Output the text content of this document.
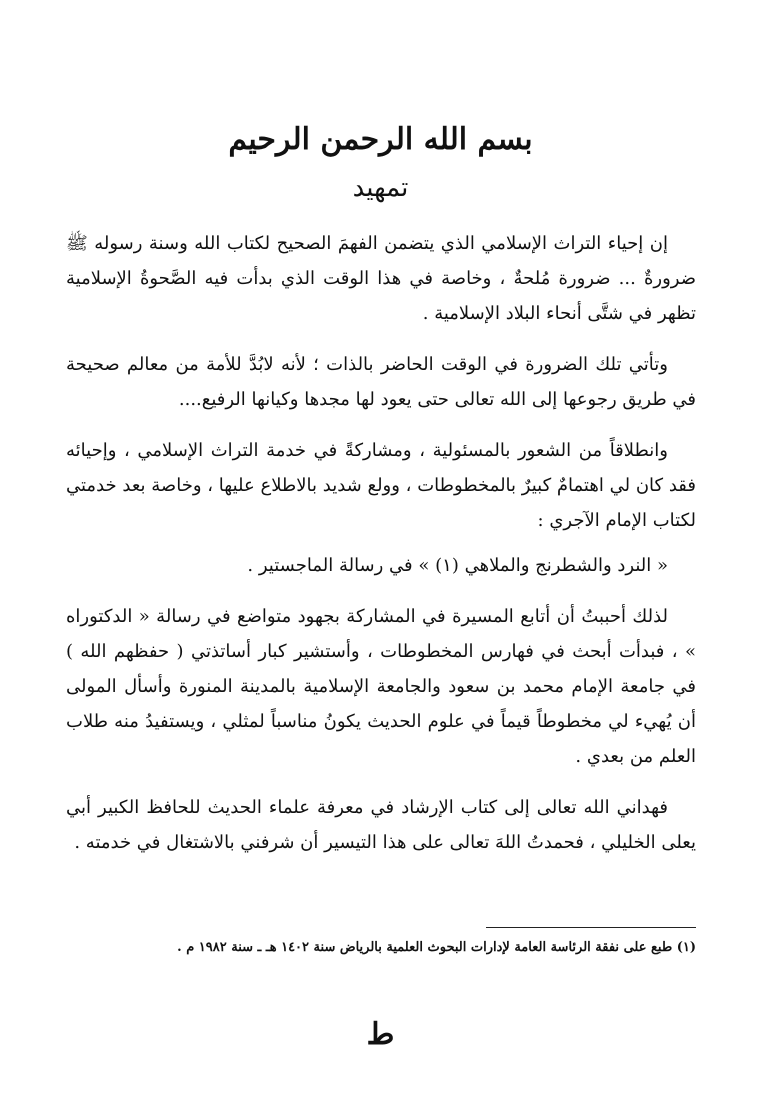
بسم الله الرحمن الرحيم
تمهيد

إن إحياء التراث الإسلامي الذي يتضمن الفهمَ الصحيح لكتاب الله وسنة رسوله ﷺ ضرورةٌ ... ضرورة مُلحةٌ ، وخاصة في هذا الوقت الذي بدأت فيه الصَّحوةُ الإسلامية تظهر في شتَّى أنحاء البلاد الإسلامية .

وتأتي تلك الضرورة في الوقت الحاضر بالذات ؛ لأنه لابُدَّ للأمة من معالم صحيحة في طريق رجوعها إلى الله تعالى حتى يعود لها مجدها وكيانها الرفيع....

وانطلاقاً من الشعور بالمسئولية ، ومشاركةً في خدمة التراث الإسلامي ، وإحيائه فقد كان لي اهتمامٌ كبيرٌ بالمخطوطات ، وولع شديد بالاطلاع عليها ، وخاصة بعد خدمتي لكتاب الإمام الآجري :

« النرد والشطرنج والملاهي (١) » في رسالة الماجستير .

لذلك أحببتُ أن أتابع المسيرة في المشاركة بجهود متواضع في رسالة « الدكتوراه » ، فبدأت أبحث في فهارس المخطوطات ، وأستشير كبار أساتذتي ( حفظهم الله ) في جامعة الإمام محمد بن سعود والجامعة الإسلامية بالمدينة المنورة وأسأل المولى أن يُهيء لي مخطوطاً قيماً في علوم الحديث يكونُ مناسباً لمثلي ، ويستفيدُ منه طلاب العلم من بعدي .

فهداني الله تعالى إلى كتاب الإرشاد في معرفة علماء الحديث للحافظ الكبير أبي يعلى الخليلي ، فحمدتُ اللهَ تعالى على هذا التيسير أن شرفني بالاشتغال في خدمته .

(١) طبع على نفقة الرئاسة العامة لإدارات البحوث العلمية بالرياض سنة ١٤٠٢ هـ ـ سنة ١٩٨٢ م .
ط
